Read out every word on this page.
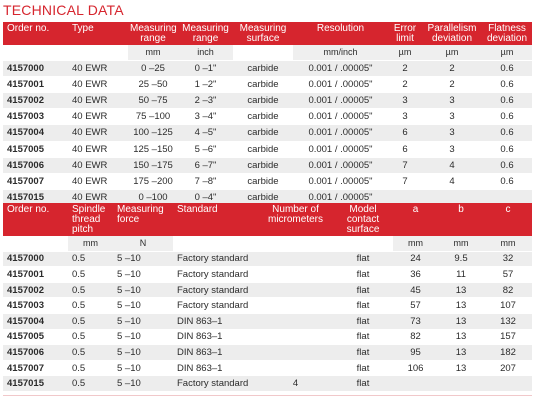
TECHNICAL DATA
Order no.	Type	Measuring range	Measuring range	Measuring surface	Resolution	Error limit	Parallelism deviation	Flatness deviation
		mm	inch		mm/inch	µm	µm	µm
4157000	40 EWR	0 –25	0 –1"	carbide	0.001 / .00005"	2	2	0.6
4157001	40 EWR	25 –50	1 –2"	carbide	0.001 / .00005"	2	2	0.6
4157002	40 EWR	50 –75	2 –3"	carbide	0.001 / .00005"	3	3	0.6
4157003	40 EWR	75 –100	3 –4"	carbide	0.001 / .00005"	3	3	0.6
4157004	40 EWR	100 –125	4 –5"	carbide	0.001 / .00005"	6	3	0.6
4157005	40 EWR	125 –150	5 –6"	carbide	0.001 / .00005"	6	3	0.6
4157006	40 EWR	150 –175	6 –7"	carbide	0.001 / .00005"	7	4	0.6
4157007	40 EWR	175 –200	7 –8"	carbide	0.001 / .00005"	7	4	0.6
4157015	40 EWR	0 –100	0 –4"	carbide	0.001 / .00005"			
Order no.	Spindle thread pitch	Measuring force	Standard	Number of micrometers	Model contact surface	a	b	c
	mm	N				mm	mm	mm
4157000	0.5	5 –10	Factory standard		flat	24	9.5	32
4157001	0.5	5 –10	Factory standard		flat	36	11	57
4157002	0.5	5 –10	Factory standard		flat	45	13	82
4157003	0.5	5 –10	Factory standard		flat	57	13	107
4157004	0.5	5 –10	DIN 863–1		flat	73	13	132
4157005	0.5	5 –10	DIN 863–1		flat	82	13	157
4157006	0.5	5 –10	DIN 863–1		flat	95	13	182
4157007	0.5	5 –10	DIN 863–1		flat	106	13	207
4157015	0.5	5 –10	Factory standard	4	flat			
